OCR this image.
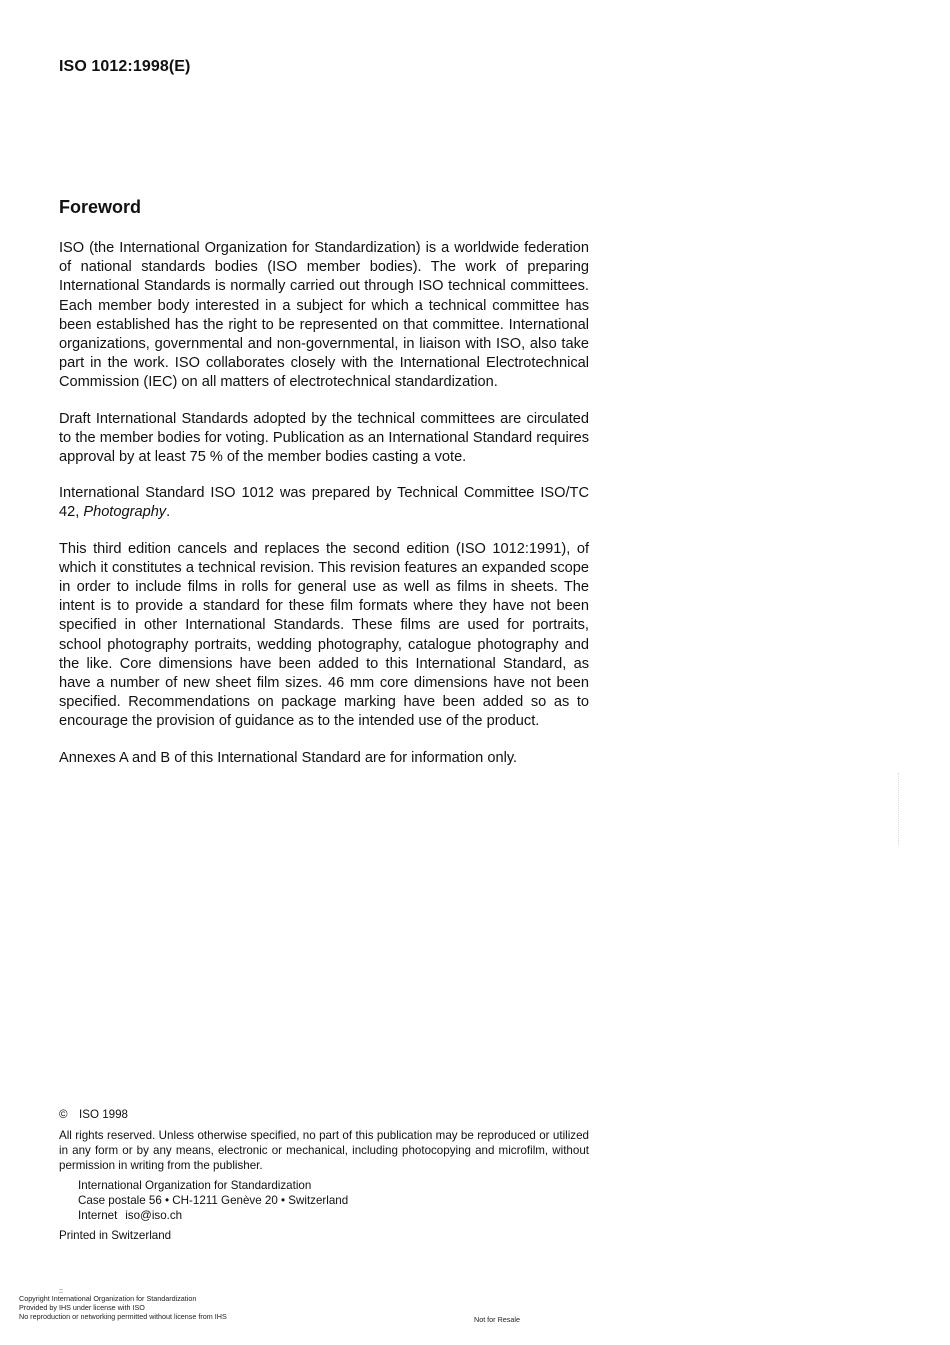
ISO 1012:1998(E)
Foreword

ISO (the International Organization for Standardization) is a worldwide federation of national standards bodies (ISO member bodies). The work of preparing International Standards is normally carried out through ISO technical committees. Each member body interested in a subject for which a technical committee has been established has the right to be represented on that committee. International organizations, governmental and non-governmental, in liaison with ISO, also take part in the work. ISO collaborates closely with the International Electrotechnical Commission (IEC) on all matters of electrotechnical standardization.

Draft International Standards adopted by the technical committees are circulated to the member bodies for voting. Publication as an International Standard requires approval by at least 75 % of the member bodies casting a vote.

International Standard ISO 1012 was prepared by Technical Committee ISO/TC 42, Photography.

This third edition cancels and replaces the second edition (ISO 1012:1991), of which it constitutes a technical revision. This revision features an expanded scope in order to include films in rolls for general use as well as films in sheets. The intent is to provide a standard for these film formats where they have not been specified in other International Standards. These films are used for portraits, school photography portraits, wedding photography, catalogue photography and the like. Core dimensions have been added to this International Standard, as have a number of new sheet film sizes. 46 mm core dimensions have not been specified. Recommendations on package marking have been added so as to encourage the provision of guidance as to the intended use of the product.

Annexes A and B of this International Standard are for information only.

© ISO 1998
All rights reserved. Unless otherwise specified, no part of this publication may be reproduced or utilized in any form or by any means, electronic or mechanical, including photocopying and microfilm, without permission in writing from the publisher.
International Organization for Standardization
Case postale 56 • CH-1211 Genève 20 • Switzerland
Internet iso@iso.ch
Printed in Switzerland
::
Copyright International Organization for Standardization
Provided by IHS under license with ISO
No reproduction or networking permitted without license from IHS	Not for Resale
